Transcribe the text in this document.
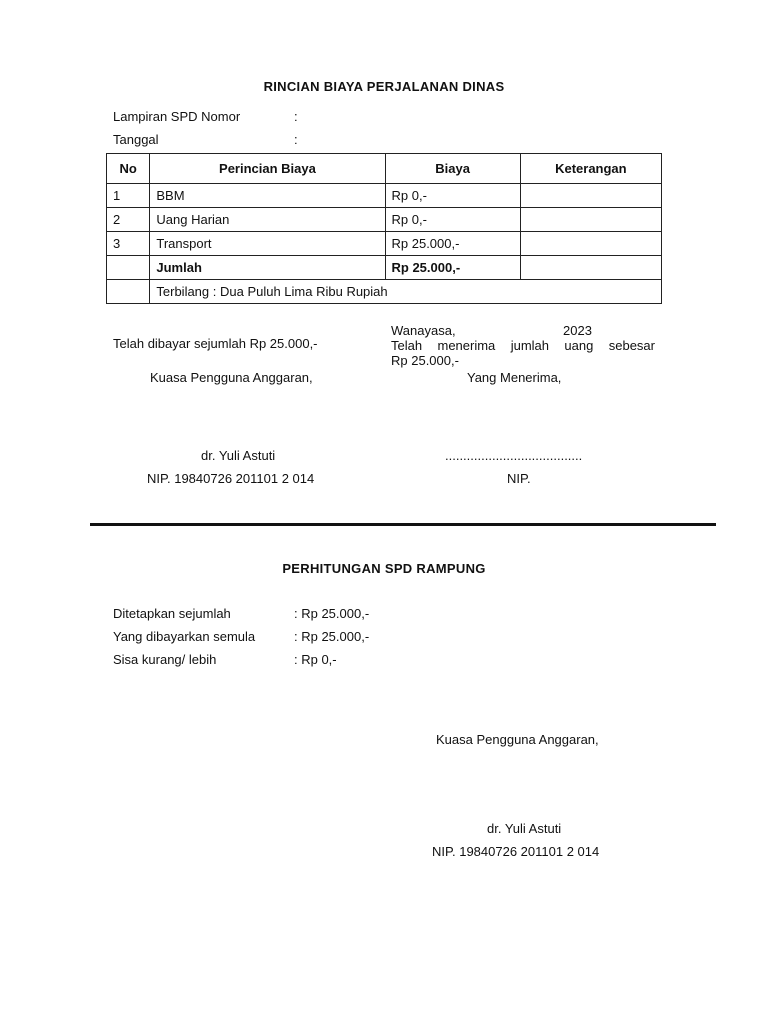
RINCIAN BIAYA PERJALANAN DINAS
Lampiran SPD Nomor	:
Tanggal	:
No	Perincian Biaya	Biaya	Keterangan
1	BBM	Rp 0,-	
2	Uang Harian	Rp 0,-	
3	Transport	Rp 25.000,-	
	Jumlah	Rp 25.000,-	
	Terbilang : Dua Puluh Lima Ribu Rupiah		
Wanayasa,	2023
Telah dibayar sejumlah Rp 25.000,-	Telah menerima jumlah uang sebesar
Rp 25.000,-
Kuasa Pengguna Anggaran,	Yang Menerima,
dr. Yuli Astuti	......................................
NIP. 19840726 201101 2 014	NIP.
PERHITUNGAN SPD RAMPUNG
Ditetapkan sejumlah	: Rp 25.000,-
Yang dibayarkan semula	: Rp 25.000,-
Sisa kurang/ lebih	: Rp 0,-
Kuasa Pengguna Anggaran,
dr. Yuli Astuti
NIP. 19840726 201101 2 014
